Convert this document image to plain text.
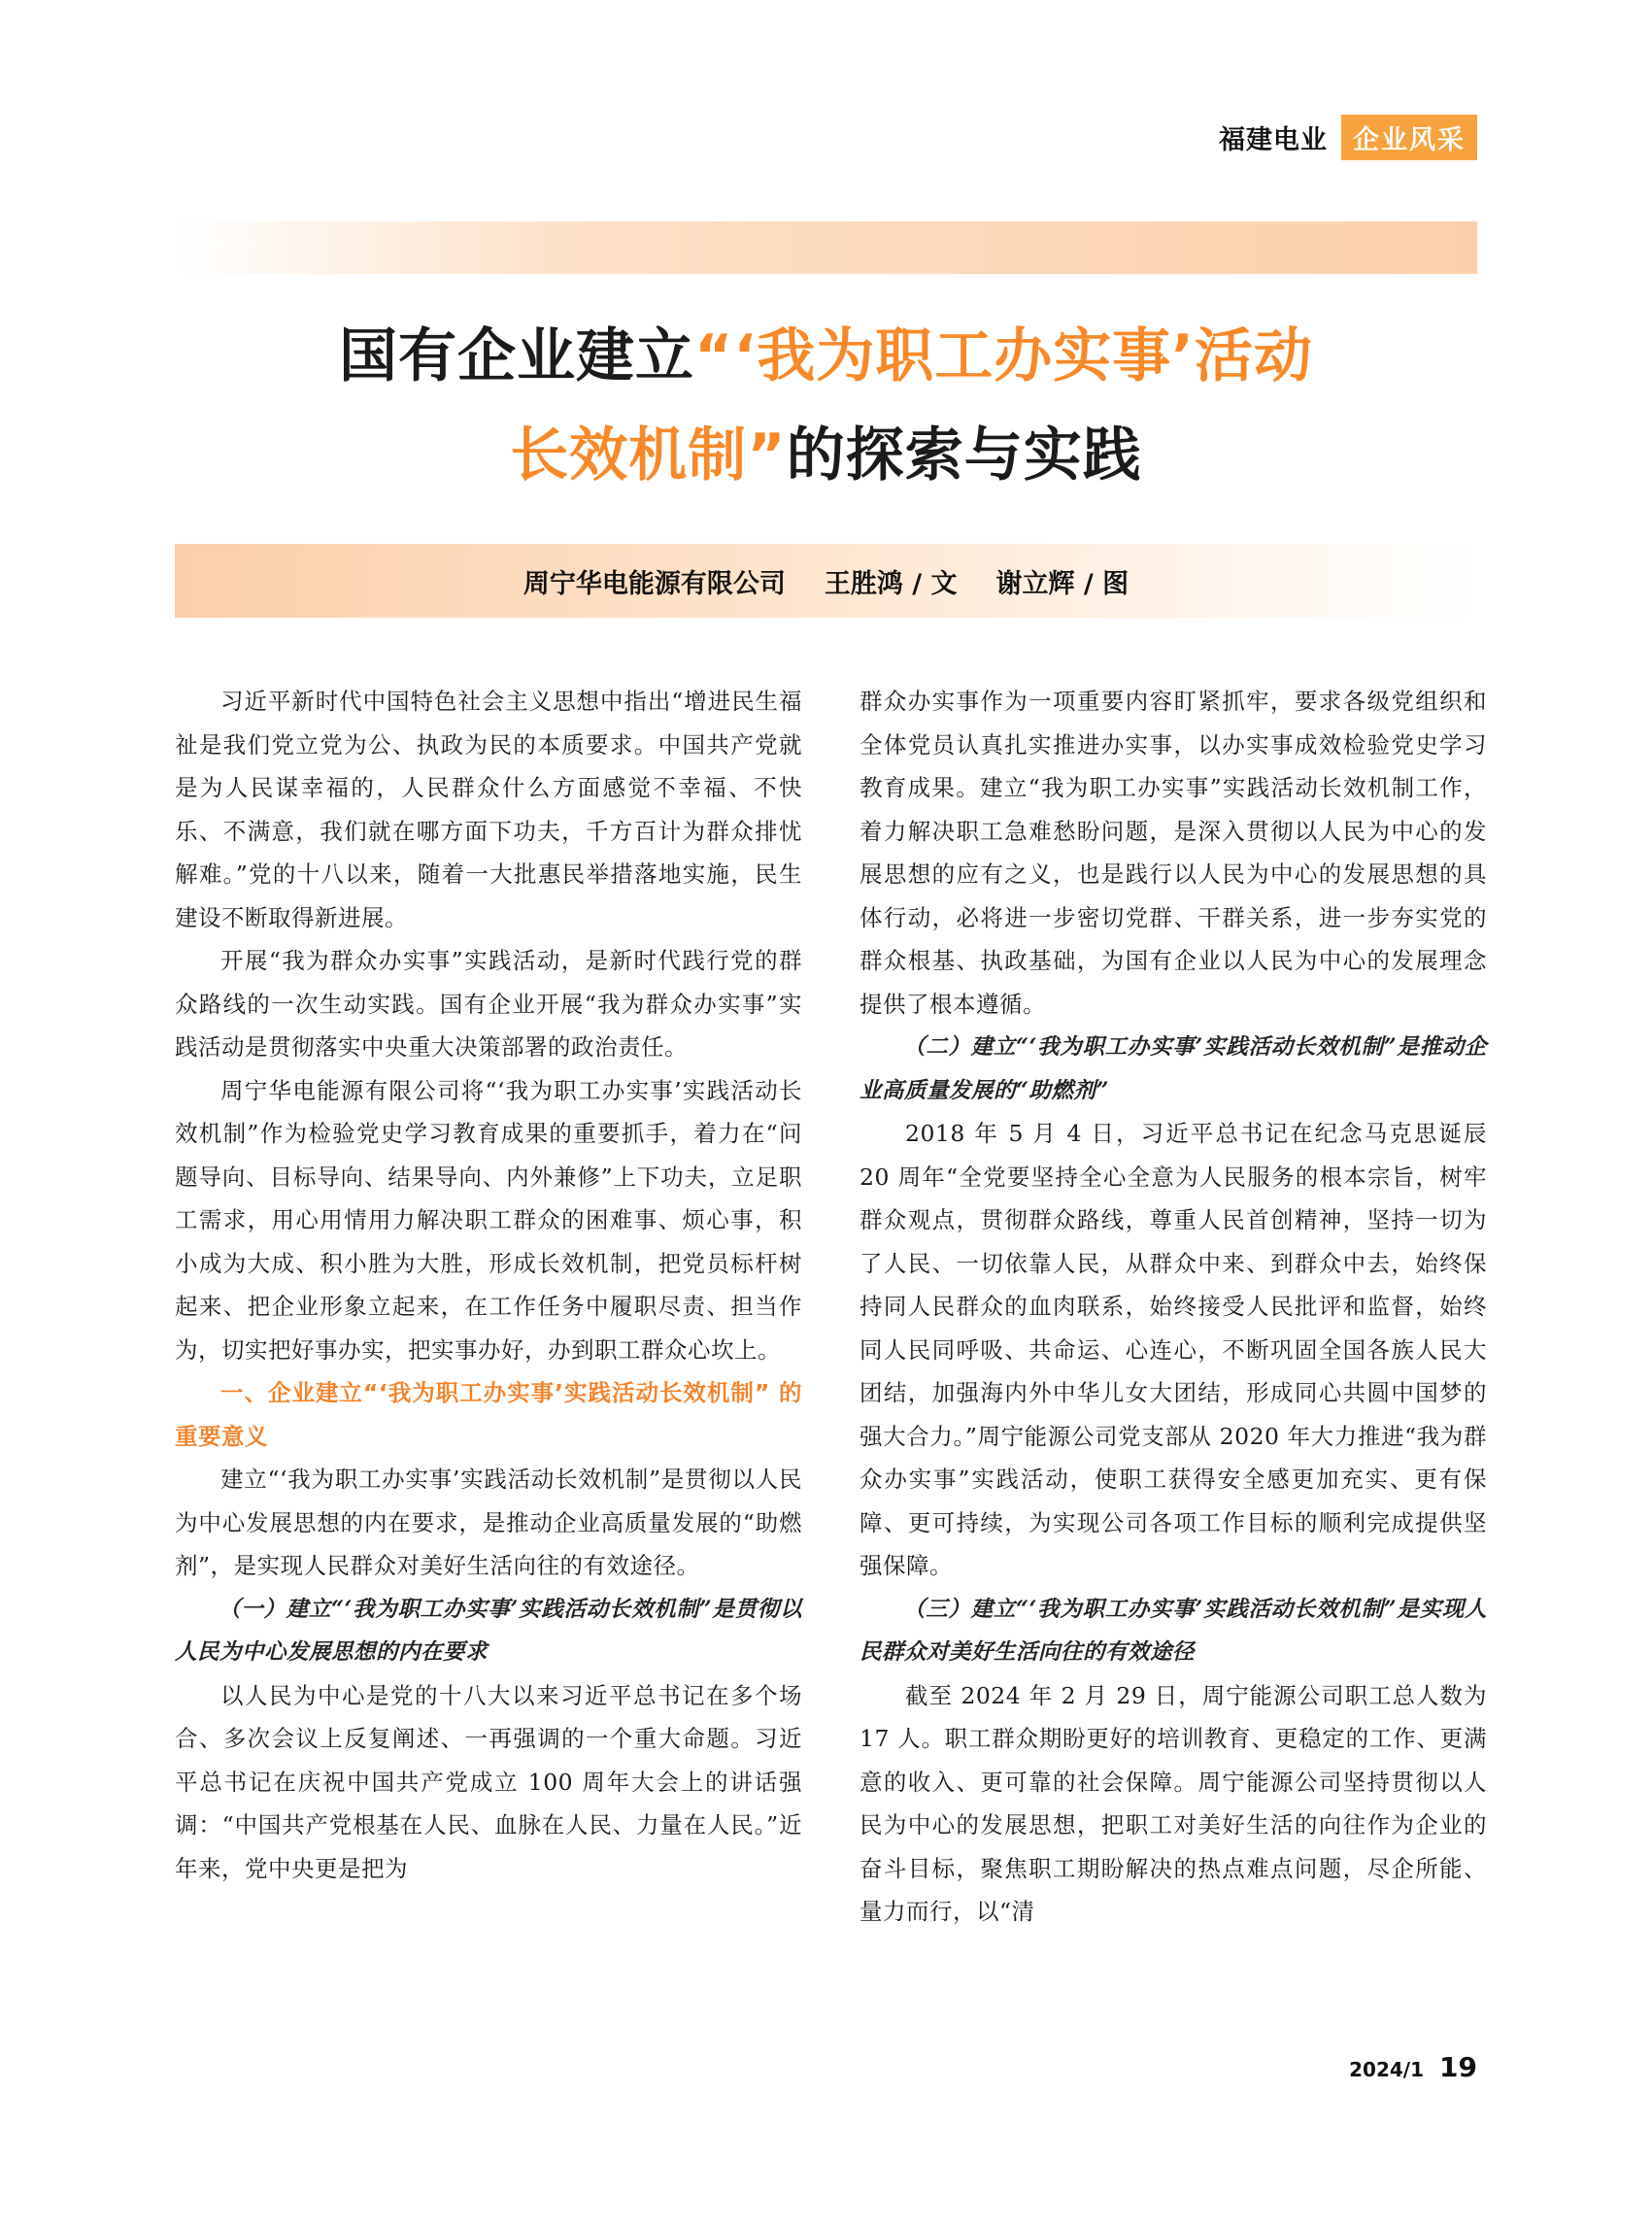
福建电业 企业风采
国有企业建立“‘我为职工办实事’活动
长效机制”的探索与实践
周宁华电能源有限公司 王胜鸿 / 文 谢立辉 / 图

习近平新时代中国特色社会主义思想中指出“增进民生福祉是我们党立党为公、执政为民的本质要求。中国共产党就是为人民谋幸福的，人民群众什么方面感觉不幸福、不快乐、不满意，我们就在哪方面下功夫，千方百计为群众排忧解难。”党的十八以来，随着一大批惠民举措落地实施，民生建设不断取得新进展。

开展“我为群众办实事”实践活动，是新时代践行党的群众路线的一次生动实践。国有企业开展“我为群众办实事”实践活动是贯彻落实中央重大决策部署的政治责任。

周宁华电能源有限公司将“‘我为职工办实事’实践活动长效机制”作为检验党史学习教育成果的重要抓手，着力在“问题导向、目标导向、结果导向、内外兼修”上下功夫，立足职工需求，用心用情用力解决职工群众的困难事、烦心事，积小成为大成、积小胜为大胜，形成长效机制，把党员标杆树起来、把企业形象立起来，在工作任务中履职尽责、担当作为，切实把好事办实，把实事办好，办到职工群众心坎上。

一、企业建立“‘我为职工办实事’实践活动长效机制” 的重要意义

建立“‘我为职工办实事’实践活动长效机制”是贯彻以人民为中心发展思想的内在要求，是推动企业高质量发展的“助燃剂”，是实现人民群众对美好生活向往的有效途径。

（一）建立“‘我为职工办实事’实践活动长效机制”是贯彻以人民为中心发展思想的内在要求

以人民为中心是党的十八大以来习近平总书记在多个场合、多次会议上反复阐述、一再强调的一个重大命题。习近平总书记在庆祝中国共产党成立 100 周年大会上的讲话强调：“中国共产党根基在人民、血脉在人民、力量在人民。”近年来，党中央更是把为

群众办实事作为一项重要内容盯紧抓牢，要求各级党组织和全体党员认真扎实推进办实事，以办实事成效检验党史学习教育成果。建立“我为职工办实事”实践活动长效机制工作，着力解决职工急难愁盼问题，是深入贯彻以人民为中心的发展思想的应有之义，也是践行以人民为中心的发展思想的具体行动，必将进一步密切党群、干群关系，进一步夯实党的群众根基、执政基础，为国有企业以人民为中心的发展理念提供了根本遵循。

（二）建立“‘我为职工办实事’实践活动长效机制”是推动企业高质量发展的“助燃剂”

2018 年 5 月 4 日，习近平总书记在纪念马克思诞辰 20 周年“全党要坚持全心全意为人民服务的根本宗旨，树牢群众观点，贯彻群众路线，尊重人民首创精神，坚持一切为了人民、一切依靠人民，从群众中来、到群众中去，始终保持同人民群众的血肉联系，始终接受人民批评和监督，始终同人民同呼吸、共命运、心连心，不断巩固全国各族人民大团结，加强海内外中华儿女大团结，形成同心共圆中国梦的强大合力。”周宁能源公司党支部从 2020 年大力推进“我为群众办实事”实践活动，使职工获得安全感更加充实、更有保障、更可持续，为实现公司各项工作目标的顺利完成提供坚强保障。

（三）建立“‘我为职工办实事’实践活动长效机制”是实现人民群众对美好生活向往的有效途径

截至 2024 年 2 月 29 日，周宁能源公司职工总人数为 17 人。职工群众期盼更好的培训教育、更稳定的工作、更满意的收入、更可靠的社会保障。周宁能源公司坚持贯彻以人民为中心的发展思想，把职工对美好生活的向往作为企业的奋斗目标，聚焦职工期盼解决的热点难点问题，尽企所能、量力而行，以“清

2024/1 19
